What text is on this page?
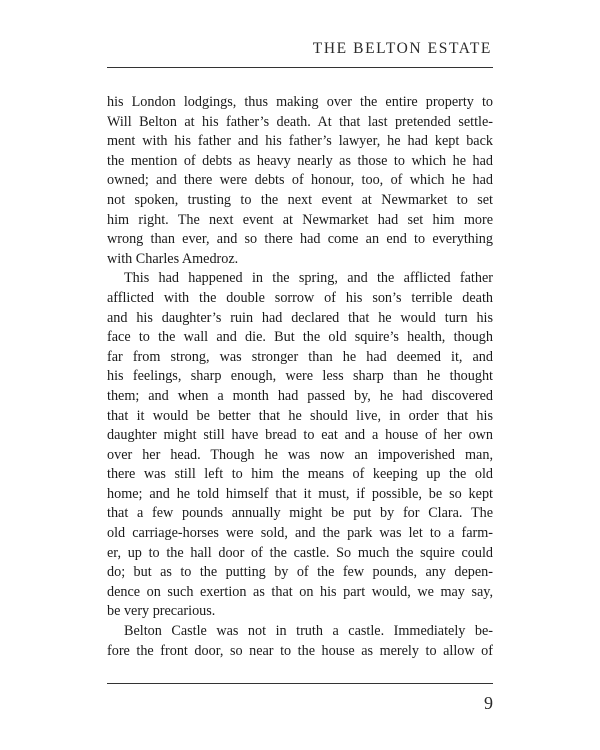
THE BELTON ESTATE
his London lodgings, thus making over the entire property to
Will Belton at his father’s death. At that last pretended settle-
ment with his father and his father’s lawyer, he had kept back
the mention of debts as heavy nearly as those to which he had
owned; and there were debts of honour, too, of which he had
not spoken, trusting to the next event at Newmarket to set
him right. The next event at Newmarket had set him more
wrong than ever, and so there had come an end to everything
with Charles Amedroz.
This had happened in the spring, and the afflicted father
afflicted with the double sorrow of his son’s terrible death
and his daughter’s ruin had declared that he would turn his
face to the wall and die. But the old squire’s health, though
far from strong, was stronger than he had deemed it, and
his feelings, sharp enough, were less sharp than he thought
them; and when a month had passed by, he had discovered
that it would be better that he should live, in order that his
daughter might still have bread to eat and a house of her own
over her head. Though he was now an impoverished man,
there was still left to him the means of keeping up the old
home; and he told himself that it must, if possible, be so kept
that a few pounds annually might be put by for Clara. The
old carriage-horses were sold, and the park was let to a farm-
er, up to the hall door of the castle. So much the squire could
do; but as to the putting by of the few pounds, any depen-
dence on such exertion as that on his part would, we may say,
be very precarious.
Belton Castle was not in truth a castle. Immediately be-
fore the front door, so near to the house as merely to allow of
9
